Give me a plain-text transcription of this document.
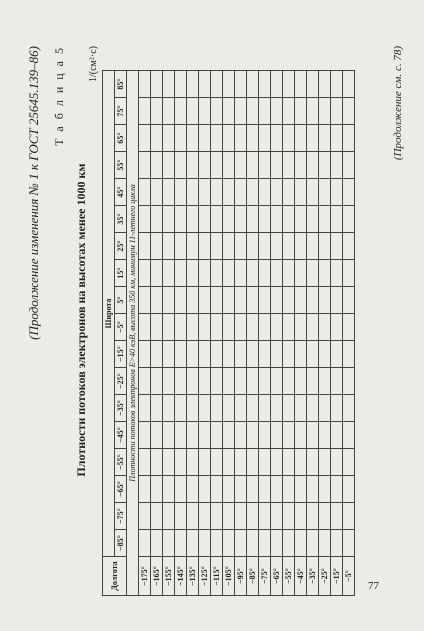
(Продолжение изменения № 1 к ГОСТ 25645.139–86) Т а б л и ц а 5
Плотности потоков электронов на высотах менее 1000 км
1/(см²·с)
Долгота	Широта																	
	−85°	−75°	−65°	−55°	−45°	−35°	−25°	−15°	−5°	5°	15°	25°	35°	45°	55°	65°	75°	85°
Плотности потоков электронов Е>40 кэВ, высота 350 км, минимум 11-летнего цикла																		
−175°																		
−165°																		
−155°																		
−145°																		
−135°																		
−125°																		
−115°																		
−105°																		
−95°																		
−85°																		
−75°																		
−65°																		
−55°																		
−45°																		
−35°																		
−25°																		
−15°																		
−5°																		
(Продолжение см. с. 78)
77
